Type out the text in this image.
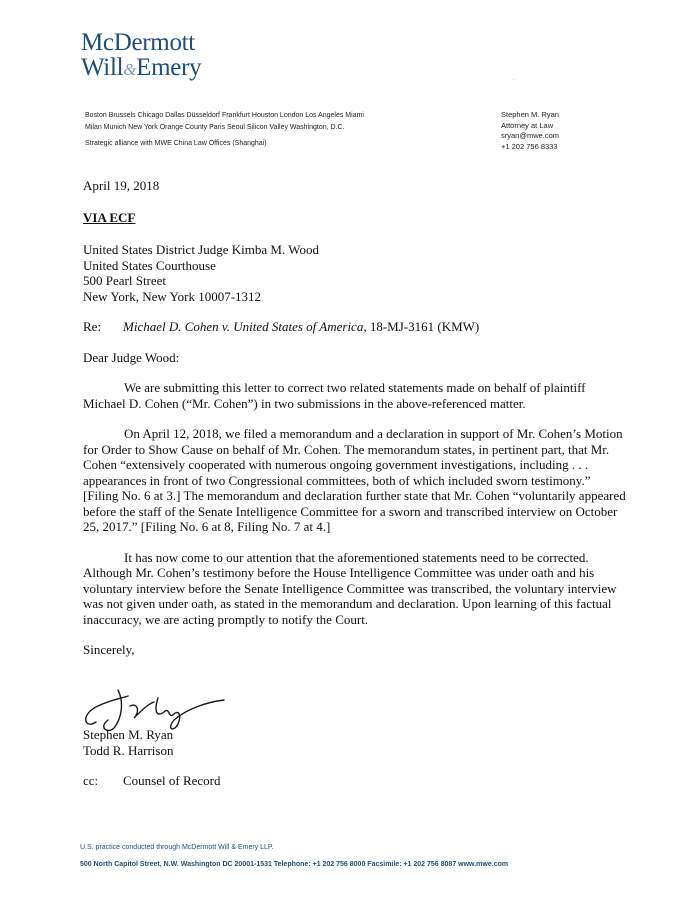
McDermott
Will&Emery	.
Boston Brussels Chicago Dallas Düsseldorf Frankfurt Houston London Los Angeles Miami
Milan Munich New York Orange County Paris Seoul Silicon Valley Washington, D.C.
Strategic alliance with MWE China Law Offices (Shanghai)
Stephen M. Ryan
Attorney at Law
sryan@mwe.com
+1 202 756 8333
April 19, 2018
VIA ECF
United States District Judge Kimba M. Wood
United States Courthouse
500 Pearl Street
New York, New York 10007-1312
Re:	Michael D. Cohen v. United States of America, 18-MJ-3161 (KMW)
Dear Judge Wood:

We are submitting this letter to correct two related statements made on behalf of plaintiff Michael D. Cohen (“Mr. Cohen”) in two submissions in the above-referenced matter.

On April 12, 2018, we filed a memorandum and a declaration in support of Mr. Cohen’s Motion for Order to Show Cause on behalf of Mr. Cohen. The memorandum states, in pertinent part, that Mr. Cohen “extensively cooperated with numerous ongoing government investigations, including . . . appearances in front of two Congressional committees, both of which included sworn testimony.” [Filing No. 6 at 3.] The memorandum and declaration further state that Mr. Cohen “voluntarily appeared before the staff of the Senate Intelligence Committee for a sworn and transcribed interview on October 25, 2017.” [Filing No. 6 at 8, Filing No. 7 at 4.]

It has now come to our attention that the aforementioned statements need to be corrected. Although Mr. Cohen’s testimony before the House Intelligence Committee was under oath and his voluntary interview before the Senate Intelligence Committee was transcribed, the voluntary interview was not given under oath, as stated in the memorandum and declaration. Upon learning of this factual inaccuracy, we are acting promptly to notify the Court.

Sincerely,
Stephen M. Ryan
Todd R. Harrison
cc:	Counsel of Record
U.S. practice conducted through McDermott Will & Emery LLP.
500 North Capitol Street, N.W. Washington DC 20001-1531 Telephone: +1 202 756 8000 Facsimile: +1 202 756 8087 www.mwe.com
